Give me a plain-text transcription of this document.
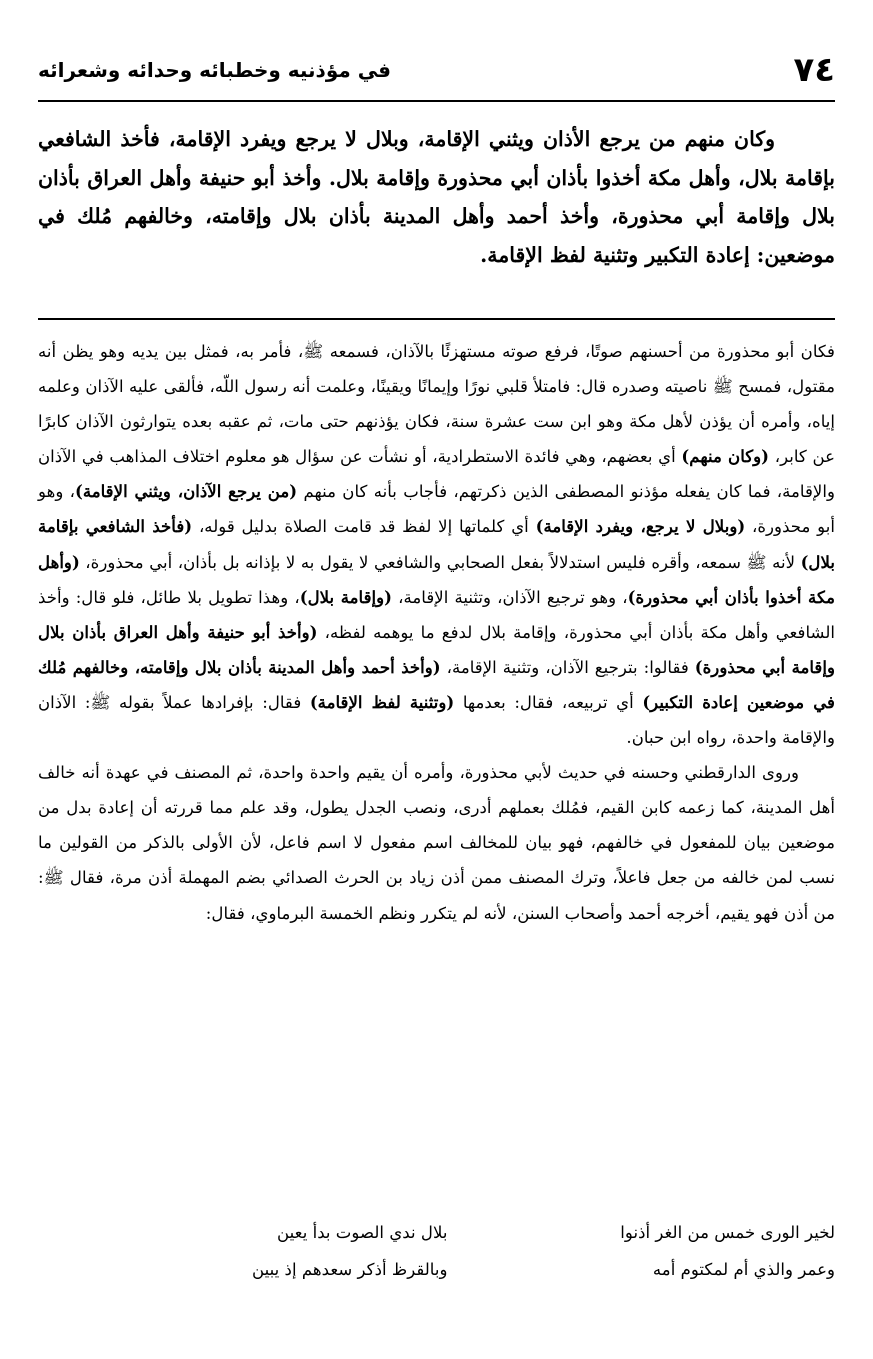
٧٤
في مؤذنيه وخطبائه وحدائه وشعرائه

وكان منهم من يرجع الأذان ويثني الإقامة، وبلال لا يرجع ويفرد الإقامة، فأخذ الشافعي بإقامة بلال، وأهل مكة أخذوا بأذان أبي محذورة وإقامة بلال. وأخذ أبو حنيفة وأهل العراق بأذان بلال وإقامة أبي محذورة، وأخذ أحمد وأهل المدينة بأذان بلال وإقامته، وخالفهم مُلك في موضعين: إعادة التكبير وتثنية لفظ الإقامة.

فكان أبو محذورة من أحسنهم صوتًا، فرفع صوته مستهزئًا بالآذان، فسمعه ﷺ، فأمر به، فمثل بين يديه وهو يظن أنه مقتول، فمسح ﷺ ناصيته وصدره قال: فامتلأ قلبي نورًا وإيمانًا ويقينًا، وعلمت أنه رسول اللّه، فألقى عليه الآذان وعلمه إياه، وأمره أن يؤذن لأهل مكة وهو ابن ست عشرة سنة، فكان يؤذنهم حتى مات، ثم عقبه بعده يتوارثون الآذان كابرًا عن كابر، (وكان منهم) أي بعضهم، وهي فائدة الاستطرادية، أو نشأت عن سؤال هو معلوم اختلاف المذاهب في الآذان والإقامة، فما كان يفعله مؤذنو المصطفى الذين ذكرتهم، فأجاب بأنه كان منهم (من يرجع الآذان، ويثني الإقامة)، وهو أبو محذورة، (وبلال لا يرجع، ويفرد الإقامة) أي كلماتها إلا لفظ قد قامت الصلاة بدليل قوله، (فأخذ الشافعي بإقامة بلال) لأنه ﷺ سمعه، وأقره فليس استدلالاً بفعل الصحابي والشافعي لا يقول به لا بإذانه بل بأذان، أبي محذورة، (وأهل مكة أخذوا بأذان أبي محذورة)، وهو ترجيع الآذان، وتثنية الإقامة، (وإقامة بلال)، وهذا تطويل بلا طائل، فلو قال: وأخذ الشافعي وأهل مكة بأذان أبي محذورة، وإقامة بلال لدفع ما يوهمه لفظه، (وأخذ أبو حنيفة وأهل العراق بأذان بلال وإقامة أبي محذورة) فقالوا: بترجيع الآذان، وتثنية الإقامة، (وأخذ أحمد وأهل المدينة بأذان بلال وإقامته، وخالفهم مُلك في موضعين إعادة التكبير) أي تربيعه، فقال: بعدمها (وتثنية لفظ الإقامة) فقال: بإفرادها عملاً بقوله ﷺ: الآذان والإقامة واحدة، رواه ابن حبان.

وروى الدارقطني وحسنه في حديث لأبي محذورة، وأمره أن يقيم واحدة واحدة، ثم المصنف في عهدة أنه خالف أهل المدينة، كما زعمه كابن القيم، فمُلك بعملهم أدرى، ونصب الجدل يطول، وقد علم مما قررته أن إعادة بدل من موضعين بيان للمفعول في خالفهم، فهو بيان للمخالف اسم مفعول لا اسم فاعل، لأن الأولى بالذكر من القولين ما نسب لمن خالفه من جعل فاعلاً، وترك المصنف ممن أذن زياد بن الحرث الصدائي بضم المهملة أذن مرة، فقال ﷺ: من أذن فهو يقيم، أخرجه أحمد وأصحاب السنن، لأنه لم يتكرر ونظم الخمسة البرماوي، فقال:

لخير الورى خمس من الغر أذنوا
بلال ندي الصوت بدأ يعين
وعمر والذي أم لمكتوم أمه
وبالقرظ أذكر سعدهم إذ يبين
